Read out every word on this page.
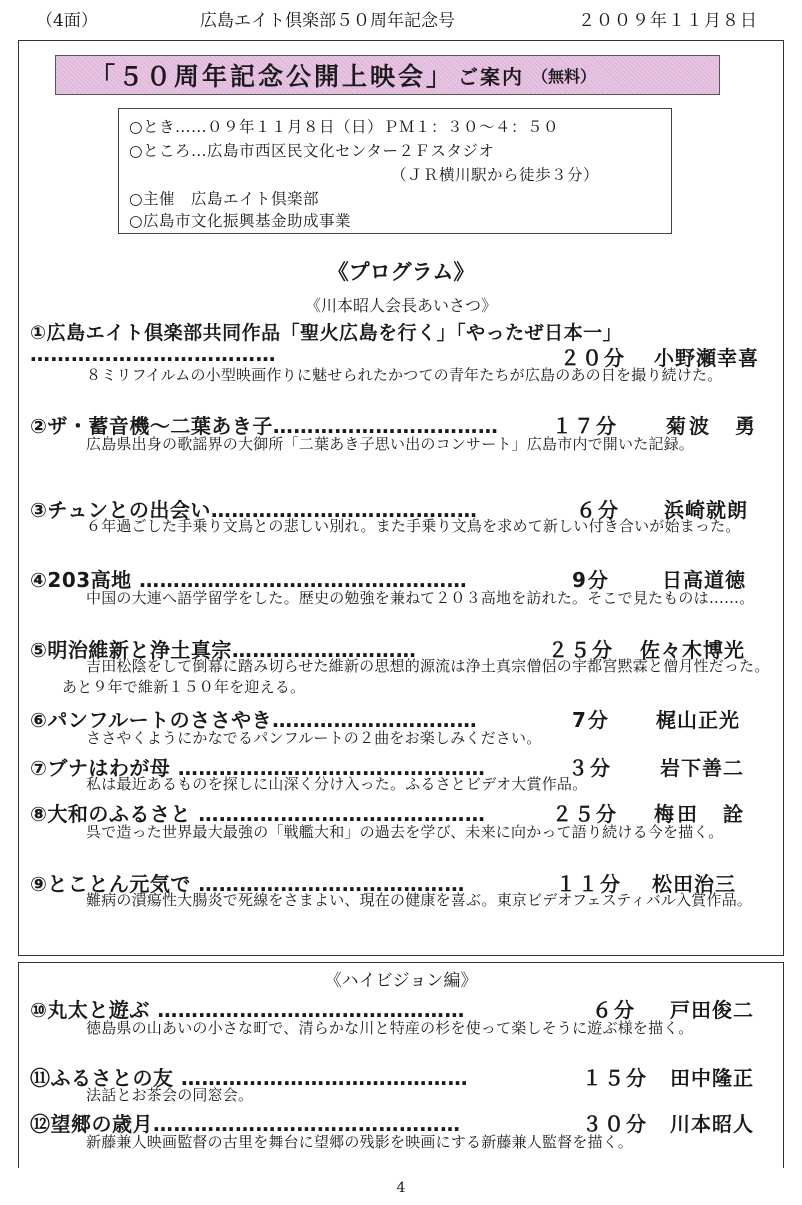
（4面）	広島エイト倶楽部５０周年記念号	２００９年１１月８日
「５０周年記念公開上映会」 ご案内 （無料）
○とき……０９年１１月８日（日）ＰＭ１：３０～４：５０
○ところ…広島市西区民文化センター２Ｆスタジオ
（ＪＲ横川駅から徒歩３分）
○主催　広島エイト倶楽部
○広島市文化振興基金助成事業
《プログラム》
《川本昭人会長あいさつ》
①広島エイト倶楽部共同作品「聖火広島を行く」「やったぜ日本一」
………………………………	２０分 小野瀬幸喜
８ミリフイルムの小型映画作りに魅せられたかつての青年たちが広島のあの日を撮り続けた。
②ザ・蓄音機～二葉あき子……………………………	１７分 菊波　勇
広島県出身の歌謡界の大御所「二葉あき子思い出のコンサート」広島市内で開いた記録。
③チュンとの出会い…………………………………	６分 浜崎就朗
６年過ごした手乗り文鳥との悲しい別れ。また手乗り文鳥を求めて新しい付き合いが始まった。
④203高地 …………………………………………	9分	日高道徳
中国の大連へ語学留学をした。歴史の勉強を兼ねて２０３高地を訪れた。そこで見たものは……。
⑤明治維新と浄土真宗………………………	２５分 佐々木博光
吉田松陰をして倒幕に踏み切らせた維新の思想的源流は浄土真宗僧侶の宇都宮黙霖と僧月性だった。あと９年で維新１５０年を迎える。
⑥パンフルートのささやき…………………………	7分 梶山正光
ささやくようにかなでるパンフルートの２曲をお楽しみください。
⑦ブナはわが母 ………………………………………	３分 岩下善二
私は最近あるものを探しに山深く分け入った。ふるさとビデオ大賞作品。
⑧大和のふるさと ……………………………………	２５分 梅田　詮
呉で造った世界最大最強の「戦艦大和」の過去を学び、未来に向かって語り続ける今を描く。
⑨とことん元気で …………………………………	１１分 松田治三
難病の潰瘍性大腸炎で死線をさまよい、現在の健康を喜ぶ。東京ビデオフェスティバル入賞作品。
《ハイビジョン編》
⑩丸太と遊ぶ ………………………………………	６分 戸田俊二
徳島県の山あいの小さな町で、清らかな川と特産の杉を使って楽しそうに遊ぶ様を描く。
⑪ふるさとの友 ……………………………………	１５分 田中隆正
法話とお茶会の同窓会。
⑫望郷の歳月………………………………………	３０分 川本昭人
新藤兼人映画監督の古里を舞台に望郷の残影を映画にする新藤兼人監督を描く。
4
